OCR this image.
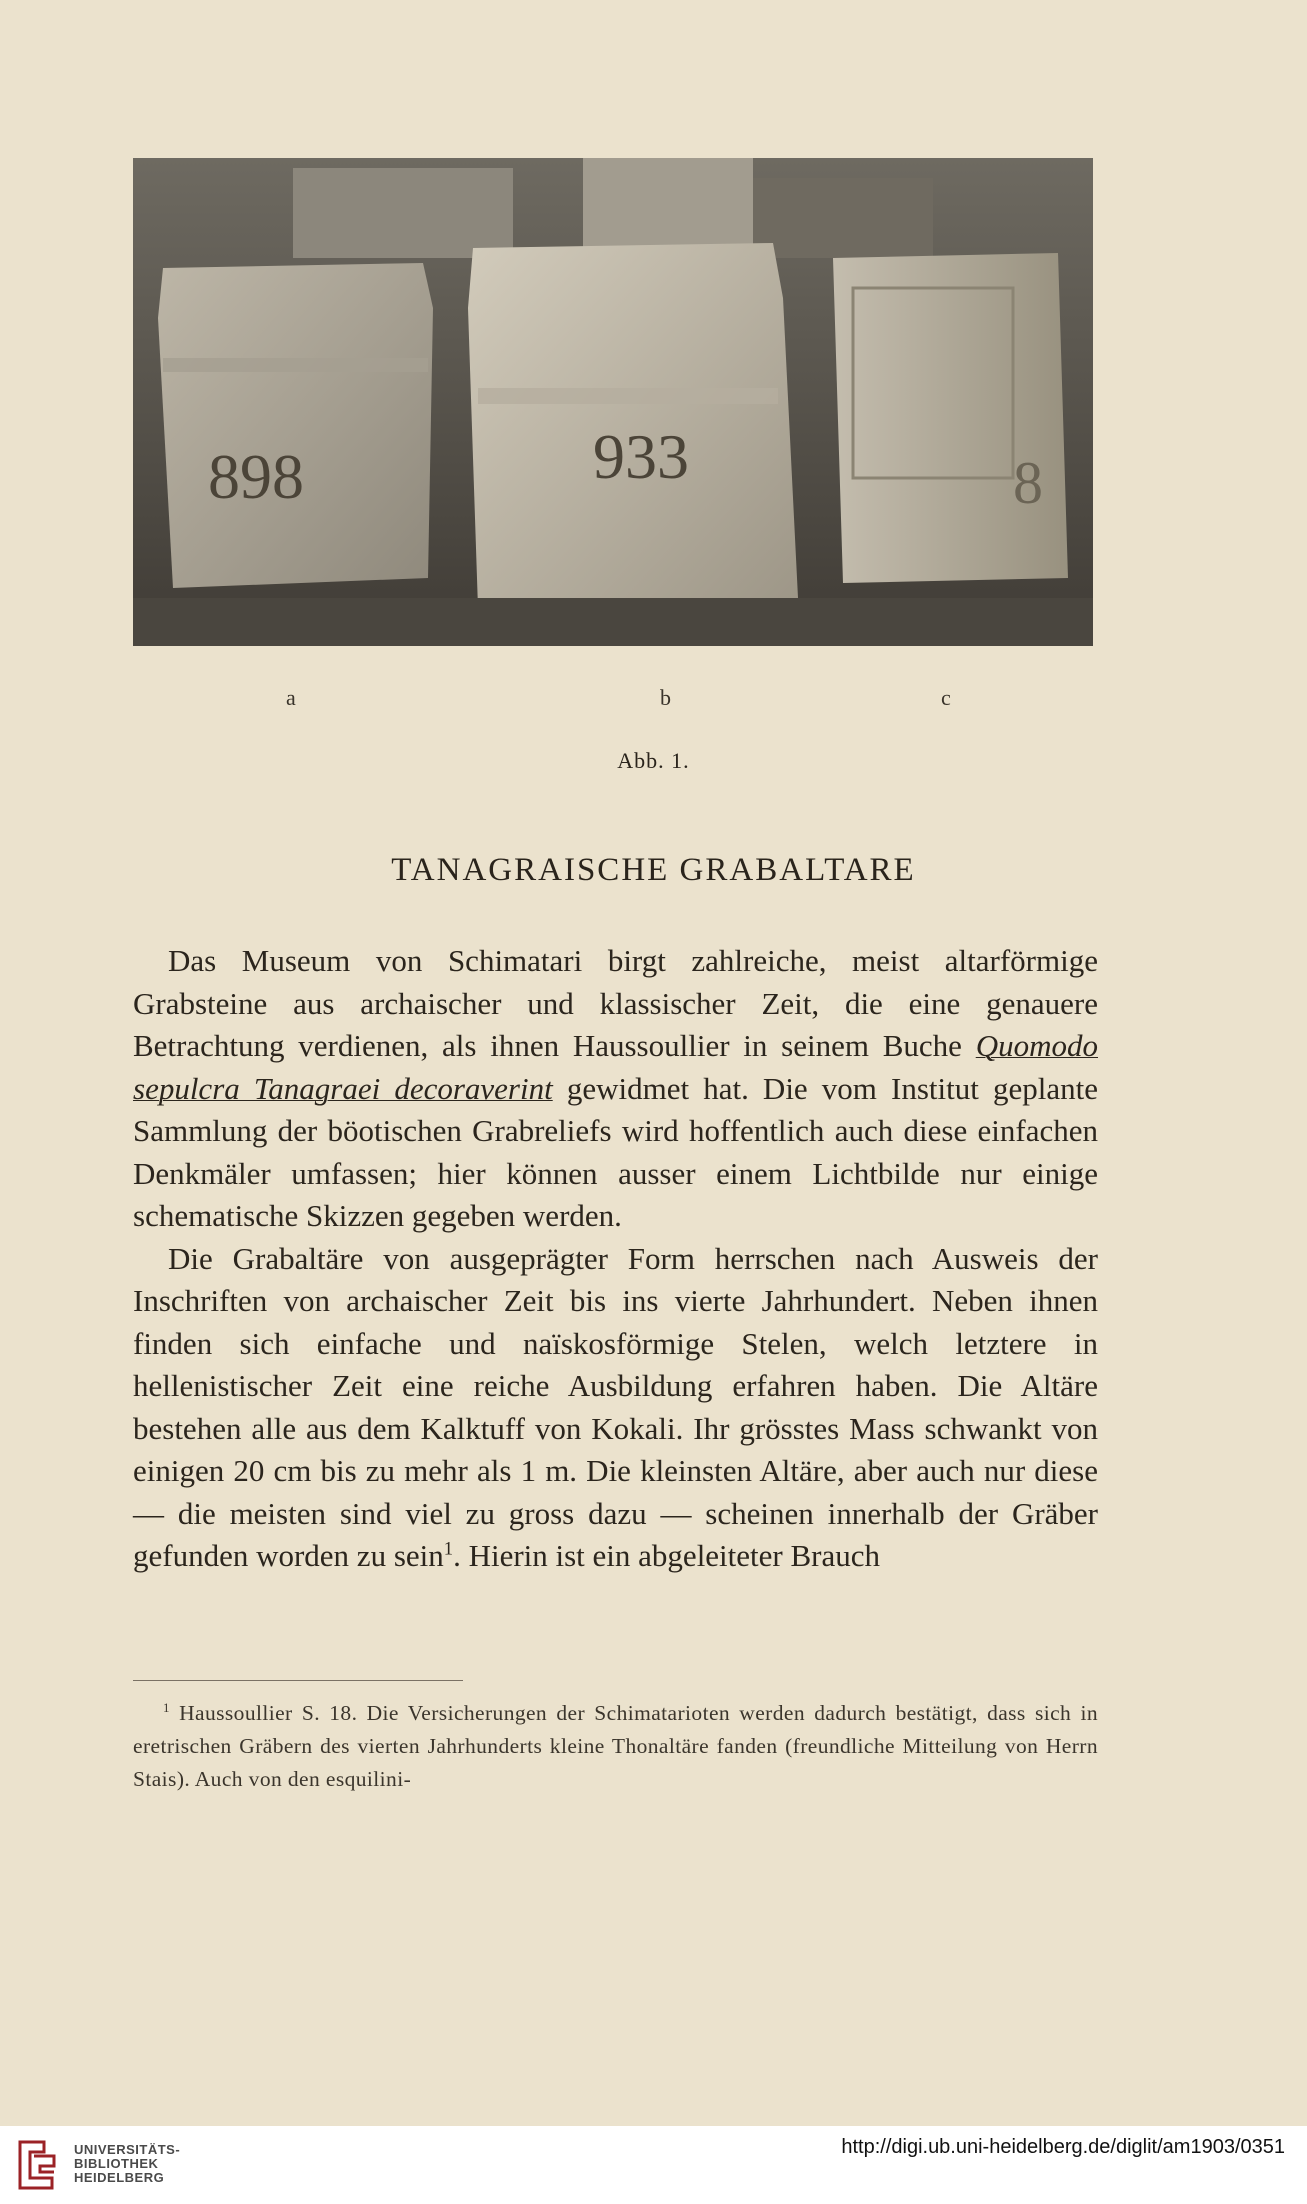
898	933	8
a	b	c
Abb. 1.
TANAGRAISCHE GRABALTARE

Das Museum von Schimatari birgt zahlreiche, meist altarförmige Grabsteine aus archaischer und klassischer Zeit, die eine genauere Betrachtung verdienen, als ihnen Haussoullier in seinem Buche Quomodo sepulcra Tanagraei decoraverint gewidmet hat. Die vom Institut geplante Sammlung der böotischen Grabreliefs wird hoffentlich auch diese einfachen Denkmäler umfassen; hier können ausser einem Lichtbilde nur einige schematische Skizzen gegeben werden.

Die Grabaltäre von ausgeprägter Form herrschen nach Ausweis der Inschriften von archaischer Zeit bis ins vierte Jahrhundert. Neben ihnen finden sich einfache und naïskosförmige Stelen, welch letztere in hellenistischer Zeit eine reiche Ausbildung erfahren haben. Die Altäre bestehen alle aus dem Kalktuff von Kokali. Ihr grösstes Mass schwankt von einigen 20 cm bis zu mehr als 1 m. Die kleinsten Altäre, aber auch nur diese — die meisten sind viel zu gross dazu — scheinen innerhalb der Gräber gefunden worden zu sein$^1$. Hierin ist ein abgeleiteter Brauch

$^1$ Haussoullier S. 18. Die Versicherungen der Schimatarioten werden dadurch bestätigt, dass sich in eretrischen Gräbern des vierten Jahrhunderts kleine Thonaltäre fanden (freundliche Mitteilung von Herrn Stais). Auch von den esquilini-

UNIVERSITÄTS-
BIBLIOTHEK
HEIDELBERG
http://digi.ub.uni-heidelberg.de/diglit/am1903/0351
